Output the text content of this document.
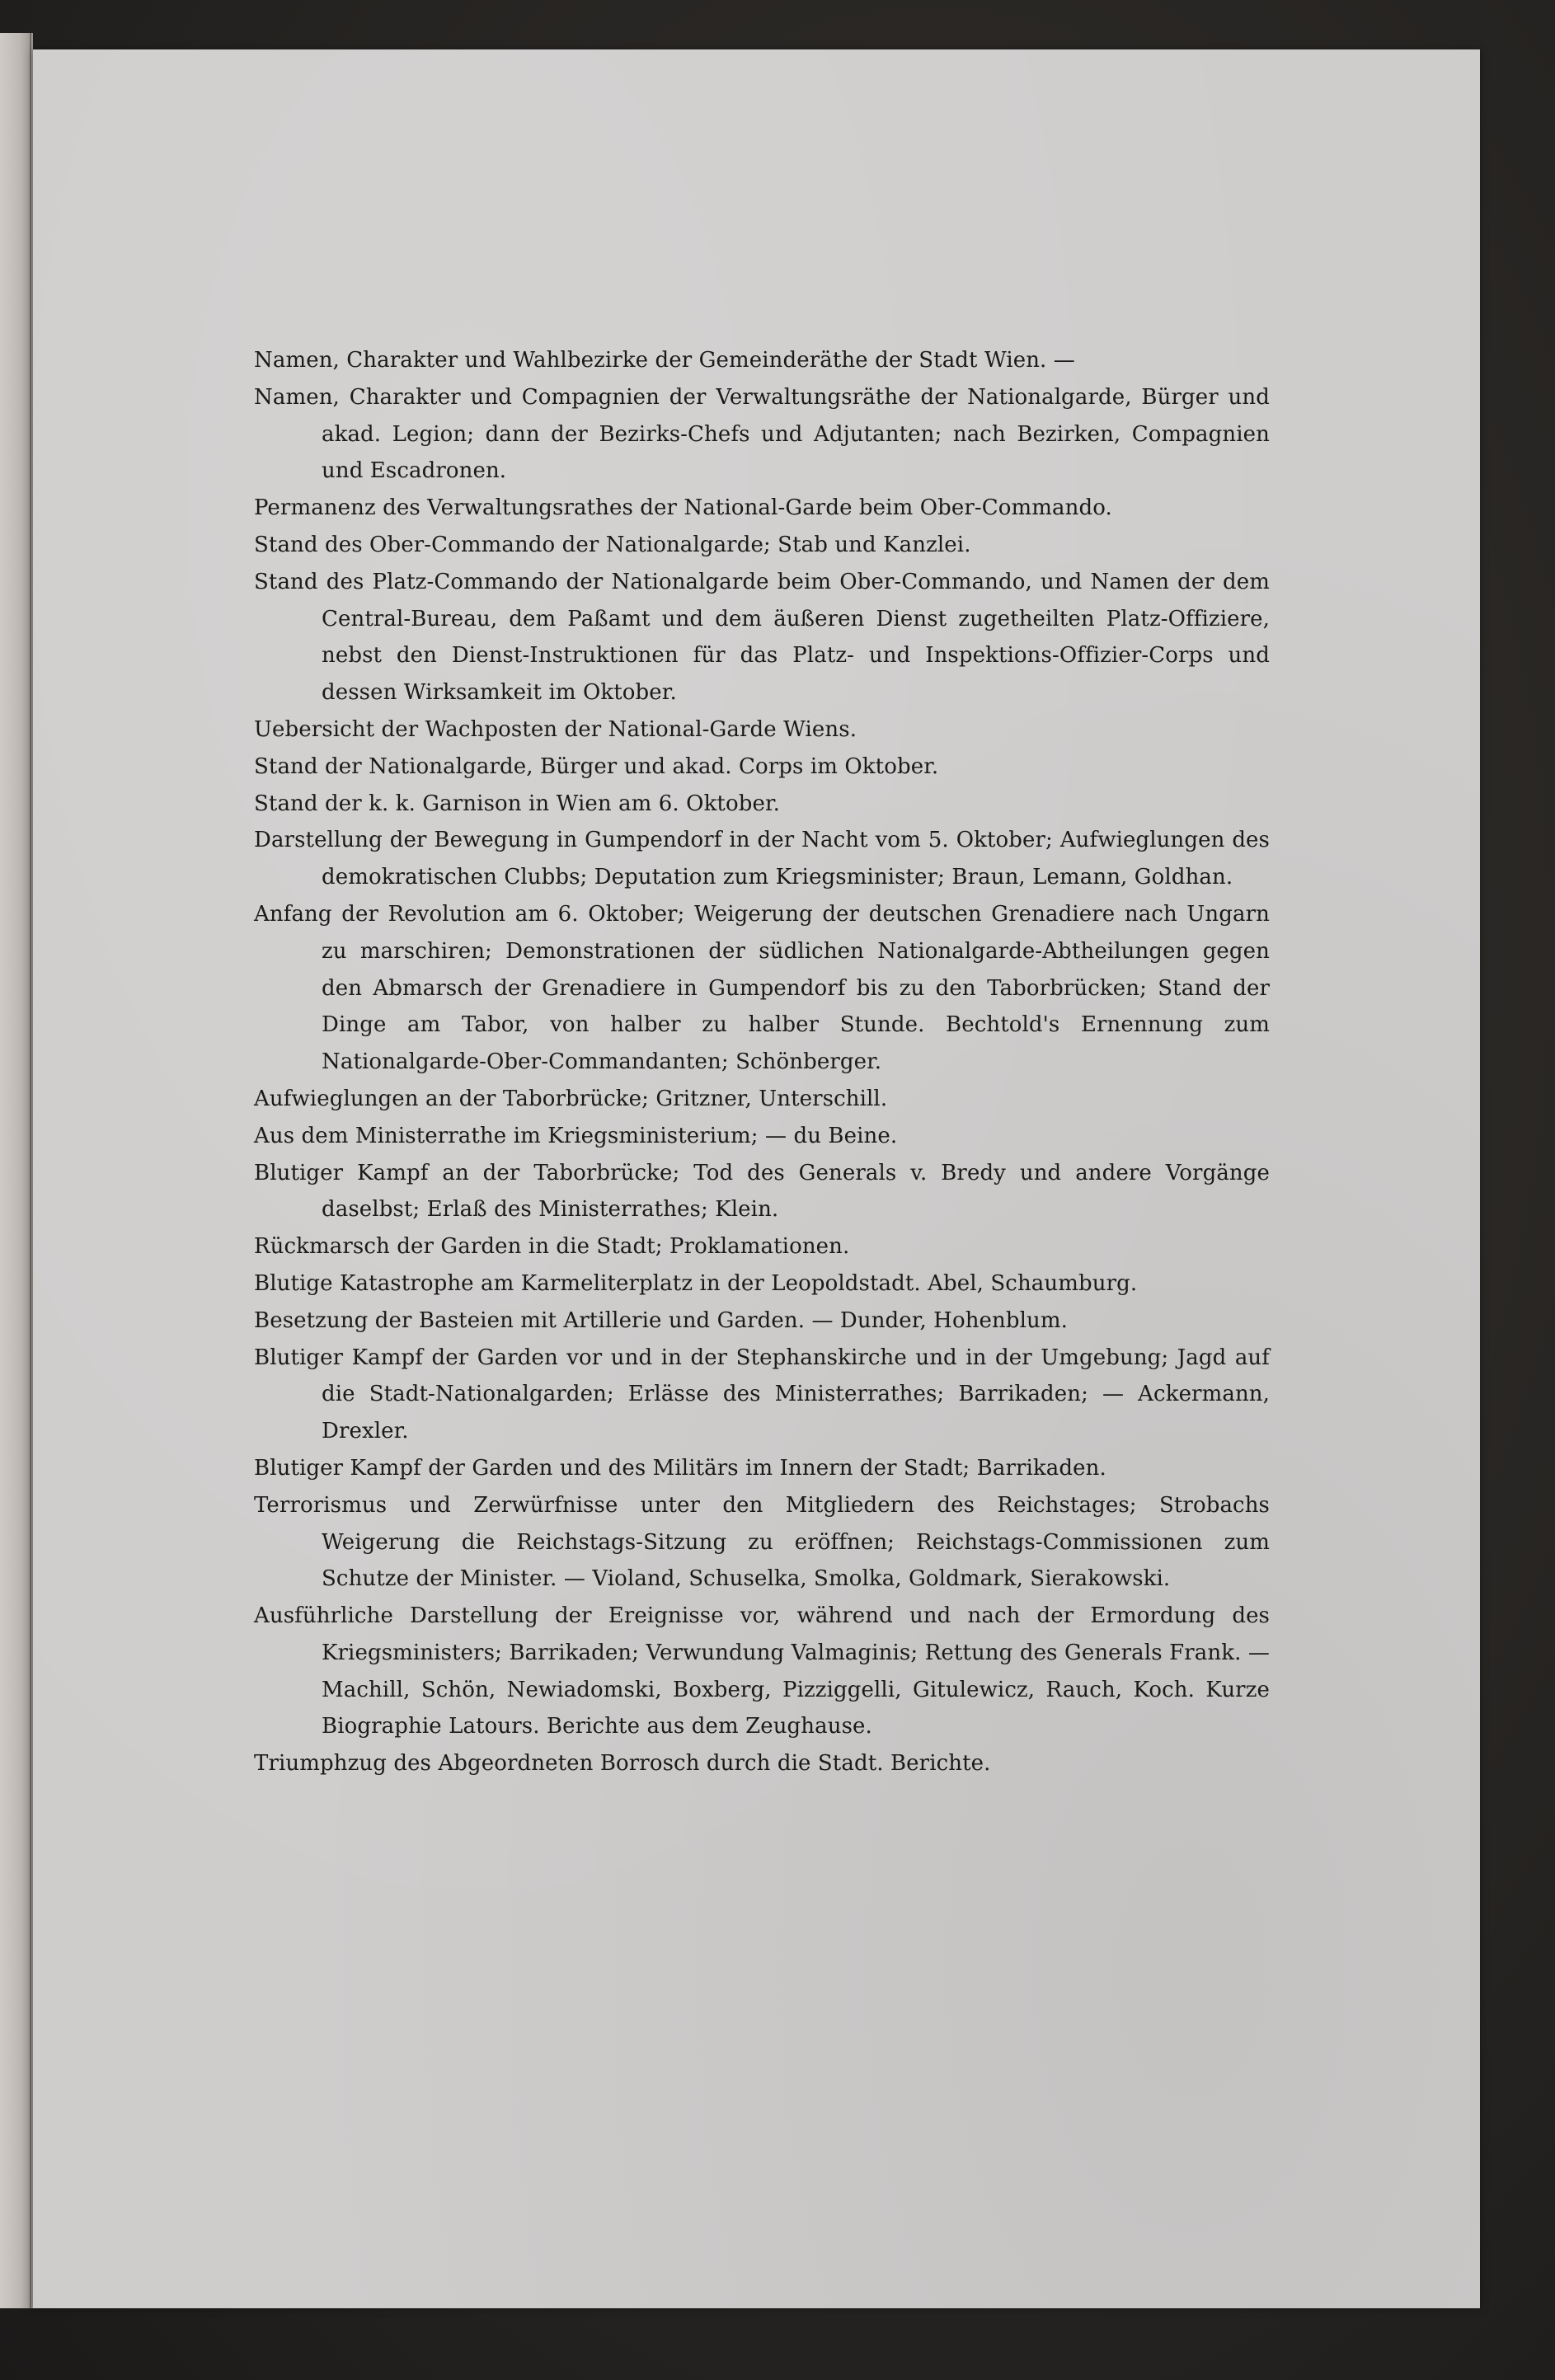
Namen, Charakter und Wahlbezirke der Gemeinderäthe der Stadt Wien. —

Namen, Charakter und Compagnien der Verwaltungsräthe der Nationalgarde, Bürger und akad. Legion; dann der Bezirks-Chefs und Adjutanten; nach Bezirken, Compagnien und Escadronen.

Permanenz des Verwaltungsrathes der National-Garde beim Ober-Commando.

Stand des Ober-Commando der Nationalgarde; Stab und Kanzlei.

Stand des Platz-Commando der Nationalgarde beim Ober-Commando, und Namen der dem Central-Bureau, dem Paßamt und dem äußeren Dienst zugetheilten Platz-Offiziere, nebst den Dienst-Instruktionen für das Platz- und Inspektions-Offizier-Corps und dessen Wirksamkeit im Oktober.

Uebersicht der Wachposten der National-Garde Wiens.

Stand der Nationalgarde, Bürger und akad. Corps im Oktober.

Stand der k. k. Garnison in Wien am 6. Oktober.

Darstellung der Bewegung in Gumpendorf in der Nacht vom 5. Oktober; Aufwieglungen des demokratischen Clubbs; Deputation zum Kriegsminister; Braun, Lemann, Goldhan.

Anfang der Revolution am 6. Oktober; Weigerung der deutschen Grenadiere nach Ungarn zu marschiren; Demonstrationen der südlichen Nationalgarde-Abtheilungen gegen den Abmarsch der Grenadiere in Gumpendorf bis zu den Taborbrücken; Stand der Dinge am Tabor, von halber zu halber Stunde. Bechtold's Ernennung zum Nationalgarde-Ober-Commandanten; Schönberger.

Aufwieglungen an der Taborbrücke; Gritzner, Unterschill.

Aus dem Ministerrathe im Kriegsministerium; — du Beine.

Blutiger Kampf an der Taborbrücke; Tod des Generals v. Bredy und andere Vorgänge daselbst; Erlaß des Ministerrathes; Klein.

Rückmarsch der Garden in die Stadt; Proklamationen.

Blutige Katastrophe am Karmeliterplatz in der Leopoldstadt. Abel, Schaumburg.

Besetzung der Basteien mit Artillerie und Garden. — Dunder, Hohenblum.

Blutiger Kampf der Garden vor und in der Stephanskirche und in der Umgebung; Jagd auf die Stadt-Nationalgarden; Erlässe des Ministerrathes; Barrikaden; — Ackermann, Drexler.

Blutiger Kampf der Garden und des Militärs im Innern der Stadt; Barrikaden.

Terrorismus und Zerwürfnisse unter den Mitgliedern des Reichstages; Strobachs Weigerung die Reichstags-Sitzung zu eröffnen; Reichstags-Commissionen zum Schutze der Minister. — Violand, Schuselka, Smolka, Goldmark, Sierakowski.

Ausführliche Darstellung der Ereignisse vor, während und nach der Ermordung des Kriegsministers; Barrikaden; Verwundung Valmaginis; Rettung des Generals Frank. — Machill, Schön, Newiadomski, Boxberg, Pizziggelli, Gitulewicz, Rauch, Koch. Kurze Biographie Latours. Berichte aus dem Zeughause.

Triumphzug des Abgeordneten Borrosch durch die Stadt. Berichte.
